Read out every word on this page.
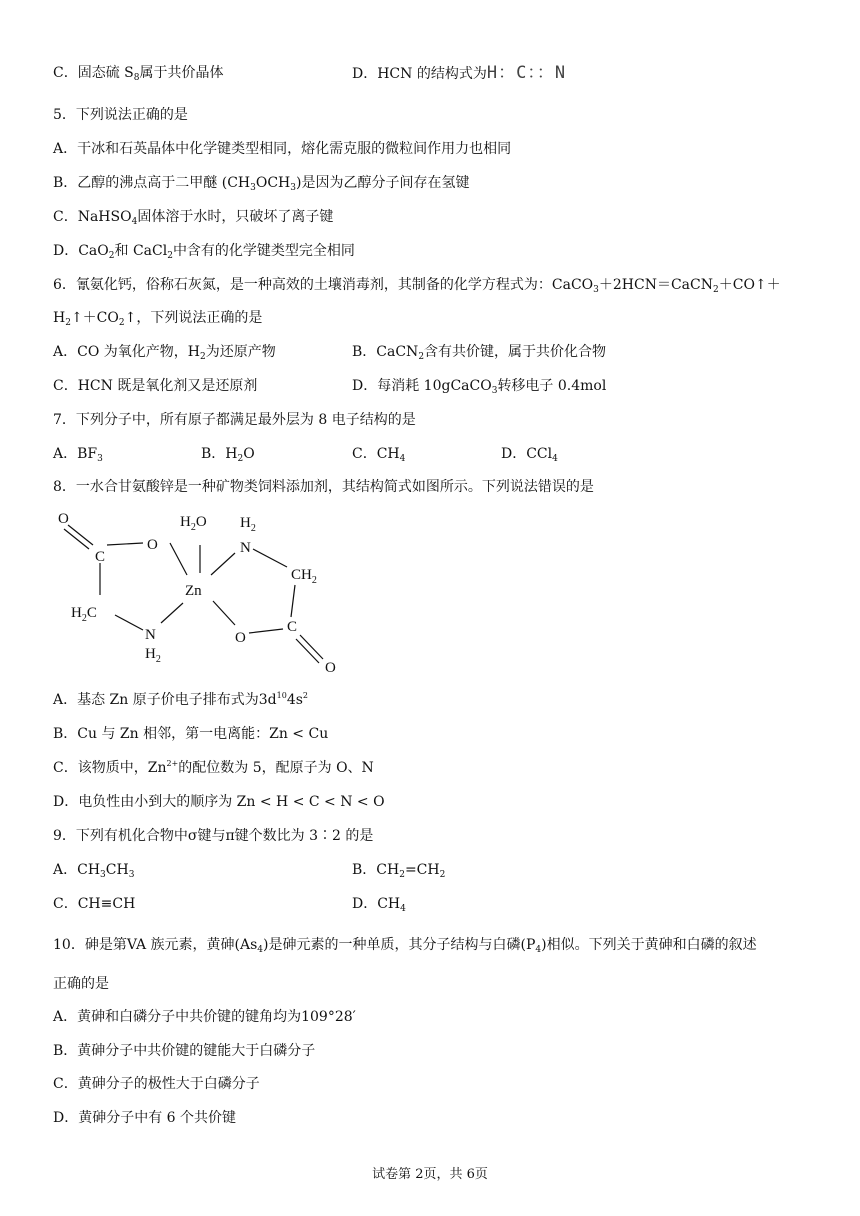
C．固态硫 $S_8$属于共价晶体	D．HCN 的结构式为H：C：：N
5．下列说法正确的是
A．干冰和石英晶体中化学键类型相同，熔化需克服的微粒间作用力也相同
B．乙醇的沸点高于二甲醚 $(CH_3OCH_3)$是因为乙醇分子间存在氢键
C．NaHSO$_4$固体溶于水时，只破坏了离子键
D．CaO$_2$和 CaCl$_2$中含有的化学键类型完全相同
6．氰氨化钙，俗称石灰氮，是一种高效的土壤消毒剂，其制备的化学方程式为：CaCO$_3$＋2HCN＝CaCN$_2$＋CO↑＋
$H_2↑+CO_2↑$，下列说法正确的是
A．CO 为氧化产物，$H_2$为还原产物	B．CaCN$_2$含有共价键，属于共价化合物
C．HCN 既是氧化剂又是还原剂	D．每消耗 10gCaCO$_3$转移电子 0.4mol
7．下列分子中，所有原子都满足最外层为 8 电子结构的是
A．$BF_3$	B．$H_2O$	C．$CH_4$	D．CCl$_4$
8．一水合甘氨酸锌是一种矿物类饲料添加剂，其结构简式如图所示。下列说法错误的是
O
O
C
$H_2C$
N
$H_2$
$H_2O$
Zn
$H_2$
N
$CH_2$
O
C
O
A．基态 Zn 原子价电子排布式为$3d^{10}4s^2$
B．Cu 与 Zn 相邻，第一电离能：Zn < Cu
C．该物质中，$Zn^{2+}$的配位数为 5，配原子为 O、N
D．电负性由小到大的顺序为 Zn < H < C < N < O
9．下列有机化合物中σ键与π键个数比为 3∶2 的是
A．$CH_3CH_3$	B．$CH_2=CH_2$
C．CH≡CH	D．$CH_4$
10．砷是第VA 族元素，黄砷$(As_4)$是砷元素的一种单质，其分子结构与白磷$(P_4)$相似。下列关于黄砷和白磷的叙述
正确的是
A．黄砷和白磷分子中共价键的键角均为109°28′
B．黄砷分子中共价键的键能大于白磷分子
C．黄砷分子的极性大于白磷分子
D．黄砷分子中有 6 个共价键
试卷第 2页，共 6页
